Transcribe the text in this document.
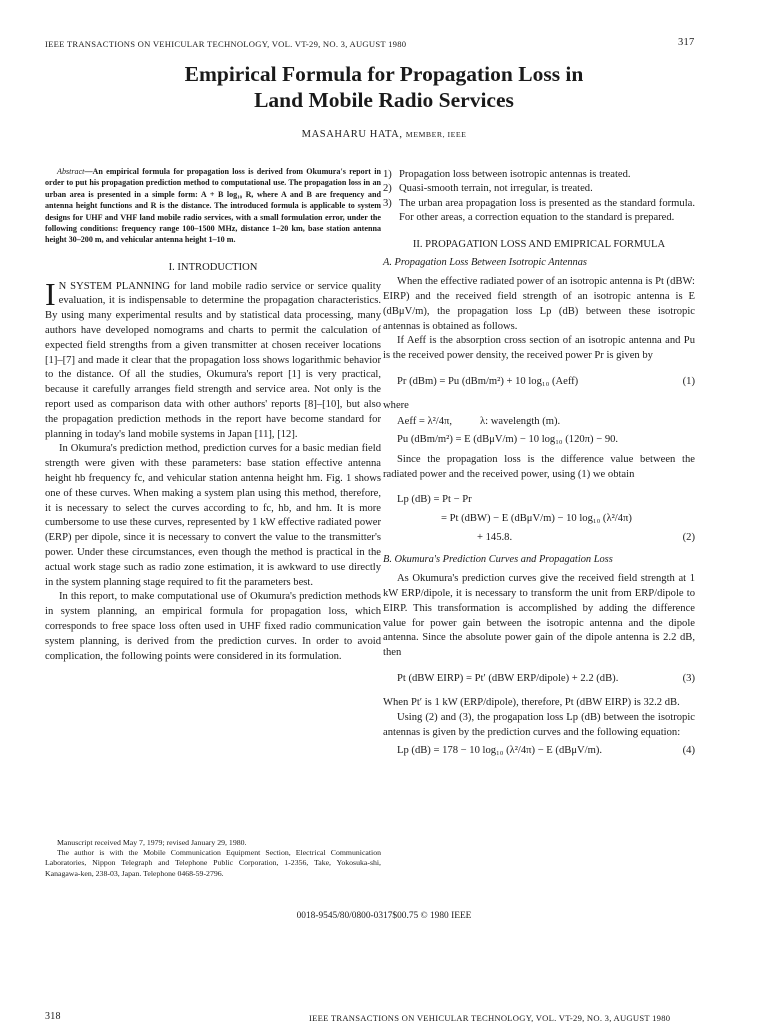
IEEE TRANSACTIONS ON VEHICULAR TECHNOLOGY, VOL. VT-29, NO. 3, AUGUST 1980	317
Empirical Formula for Propagation Loss in
Land Mobile Radio Services
MASAHARU HATA, MEMBER, IEEE

Abstract—An empirical formula for propagation loss is derived from Okumura's report in order to put his propagation prediction method to computational use. The propagation loss in an urban area is presented in a simple form: A + B log₁₀ R, where A and B are frequency and antenna height functions and R is the distance. The introduced formula is applicable to system designs for UHF and VHF land mobile radio services, with a small formulation error, under the following conditions: frequency range 100–1500 MHz, distance 1–20 km, base station antenna height 30–200 m, and vehicular antenna height 1–10 m.

I. INTRODUCTION

I N SYSTEM PLANNING for land mobile radio service or service quality evaluation, it is indispensable to determine the propagation characteristics. By using many experimental results and by statistical data processing, many authors have developed nomograms and charts to permit the calculation of expected field strengths from a given transmitter at chosen receiver locations [1]–[7] and made it clear that the propagation loss shows logarithmic behavior to the distance. Of all the studies, Okumura's report [1] is very practical, because it carefully arranges field strength and service area. Not only is the report used as comparison data with other authors' reports [8]–[10], but also the propagation prediction methods in the report have become standard for planning in today's land mobile systems in Japan [11], [12].

In Okumura's prediction method, prediction curves for a basic median field strength were given with these parameters: base station effective antenna height hb frequency fc, and vehicular station antenna height hm. Fig. 1 shows one of these curves. When making a system plan using this method, therefore, it is necessary to select the curves according to fc, hb, and hm. It is more cumbersome to use these curves, represented by 1 kW effective radiated power (ERP) per dipole, since it is necessary to convert the value to the transmitter's power. Under these circumstances, even though the method is practical in the actual work stage such as radio zone estimation, it is awkward to use directly in the system planning stage required to fit the parameters best.

In this report, to make computational use of Okumura's prediction methods in system planning, an empirical formula for propagation loss, which corresponds to free space loss often used in UHF fixed radio communication system planning, is derived from the prediction curves. In order to avoid complication, the following points were considered in its formulation.

Manuscript received May 7, 1979; revised January 29, 1980.

The author is with the Mobile Communication Equipment Section, Electrical Communication Laboratories, Nippon Telegraph and Telephone Public Corporation, 1-2356, Take, Yokosuka-shi, Kanagawa-ken, 238-03, Japan. Telephone 0468-59-2796.

1) Propagation loss between isotropic antennas is treated.
2) Quasi-smooth terrain, not irregular, is treated.
3) The urban area propagation loss is presented as the standard formula. For other areas, a correction equation to the standard is prepared.

II. PROPAGATION LOSS AND EMIPRICAL FORMULA

A. Propagation Loss Between Isotropic Antennas

When the effective radiated power of an isotropic antenna is Pt (dBW: EIRP) and the received field strength of an isotropic antenna is E (dBμV/m), the propagation loss Lp (dB) between these isotropic antennas is obtained as follows.

If Aeff is the absorption cross section of an isotropic antenna and Pu is the received power density, the received power Pr is given by

Pr (dBm) = Pu (dBm/m²) + 10 log₁₀ (Aeff)	(1)

where

Aeff = λ²/4π,	λ: wavelength (m).
Pu (dBm/m²) = E (dBμV/m) − 10 log₁₀ (120π) − 90.

Since the propagation loss is the difference value between the radiated power and the received power, using (1) we obtain

Lp (dB) = Pt − Pr
= Pt (dBW) − E (dBμV/m) − 10 log₁₀ (λ²/4π)
+ 145.8.	(2)

B. Okumura's Prediction Curves and Propagation Loss

As Okumura's prediction curves give the received field strength at 1 kW ERP/dipole, it is necessary to transform the unit from ERP/dipole to EIRP. This transformation is accomplished by adding the difference value for power gain between the isotropic antenna and the dipole antenna. Since the absolute power gain of the dipole antenna is 2.2 dB, then

Pt (dBW EIRP) = Pt′ (dBW ERP/dipole) + 2.2 (dB).	(3)

When Pt′ is 1 kW (ERP/dipole), therefore, Pt (dBW EIRP) is 32.2 dB.

Using (2) and (3), the progapation loss Lp (dB) between the isotropic antennas is given by the prediction curves and the following equation:

Lp (dB) = 178 − 10 log₁₀ (λ²/4π) − E (dBμV/m).	(4)
0018-9545/80/0800-0317$00.75 © 1980 IEEE
318	IEEE TRANSACTIONS ON VEHICULAR TECHNOLOGY, VOL. VT-29, NO. 3, AUGUST 1980
